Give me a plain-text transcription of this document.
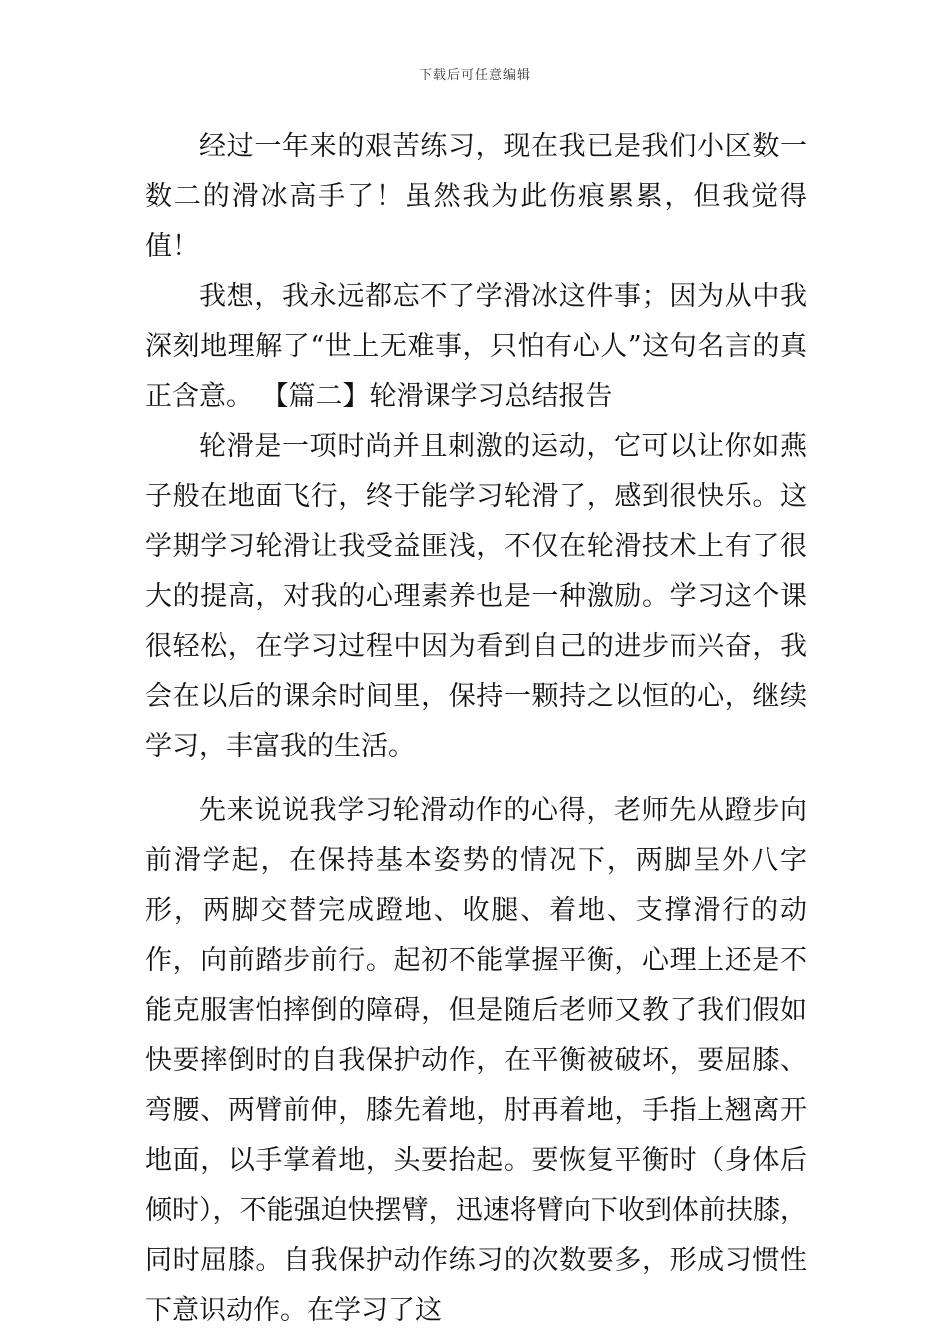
下载后可任意编辑

经过一年来的艰苦练习，现在我已是我们小区数一数二的滑冰高手了！虽然我为此伤痕累累，但我觉得值！

我想，我永远都忘不了学滑冰这件事；因为从中我深刻地理解了“世上无难事，只怕有心人”这句名言的真正含意。 【篇二】轮滑课学习总结报告

轮滑是一项时尚并且刺激的运动，它可以让你如燕子般在地面飞行，终于能学习轮滑了，感到很快乐。这学期学习轮滑让我受益匪浅，不仅在轮滑技术上有了很大的提高，对我的心理素养也是一种激励。学习这个课很轻松，在学习过程中因为看到自己的进步而兴奋，我会在以后的课余时间里，保持一颗持之以恒的心，继续学习，丰富我的生活。

先来说说我学习轮滑动作的心得，老师先从蹬步向前滑学起，在保持基本姿势的情况下，两脚呈外八字形，两脚交替完成蹬地、收腿、着地、支撑滑行的动作，向前踏步前行。起初不能掌握平衡，心理上还是不能克服害怕摔倒的障碍，但是随后老师又教了我们假如快要摔倒时的自我保护动作，在平衡被破坏，要屈膝、弯腰、两臂前伸，膝先着地，肘再着地，手指上翘离开地面，以手掌着地，头要抬起。要恢复平衡时（身体后倾时），不能强迫快摆臂，迅速将臂向下收到体前扶膝，同时屈膝。自我保护动作练习的次数要多，形成习惯性下意识动作。在学习了这
